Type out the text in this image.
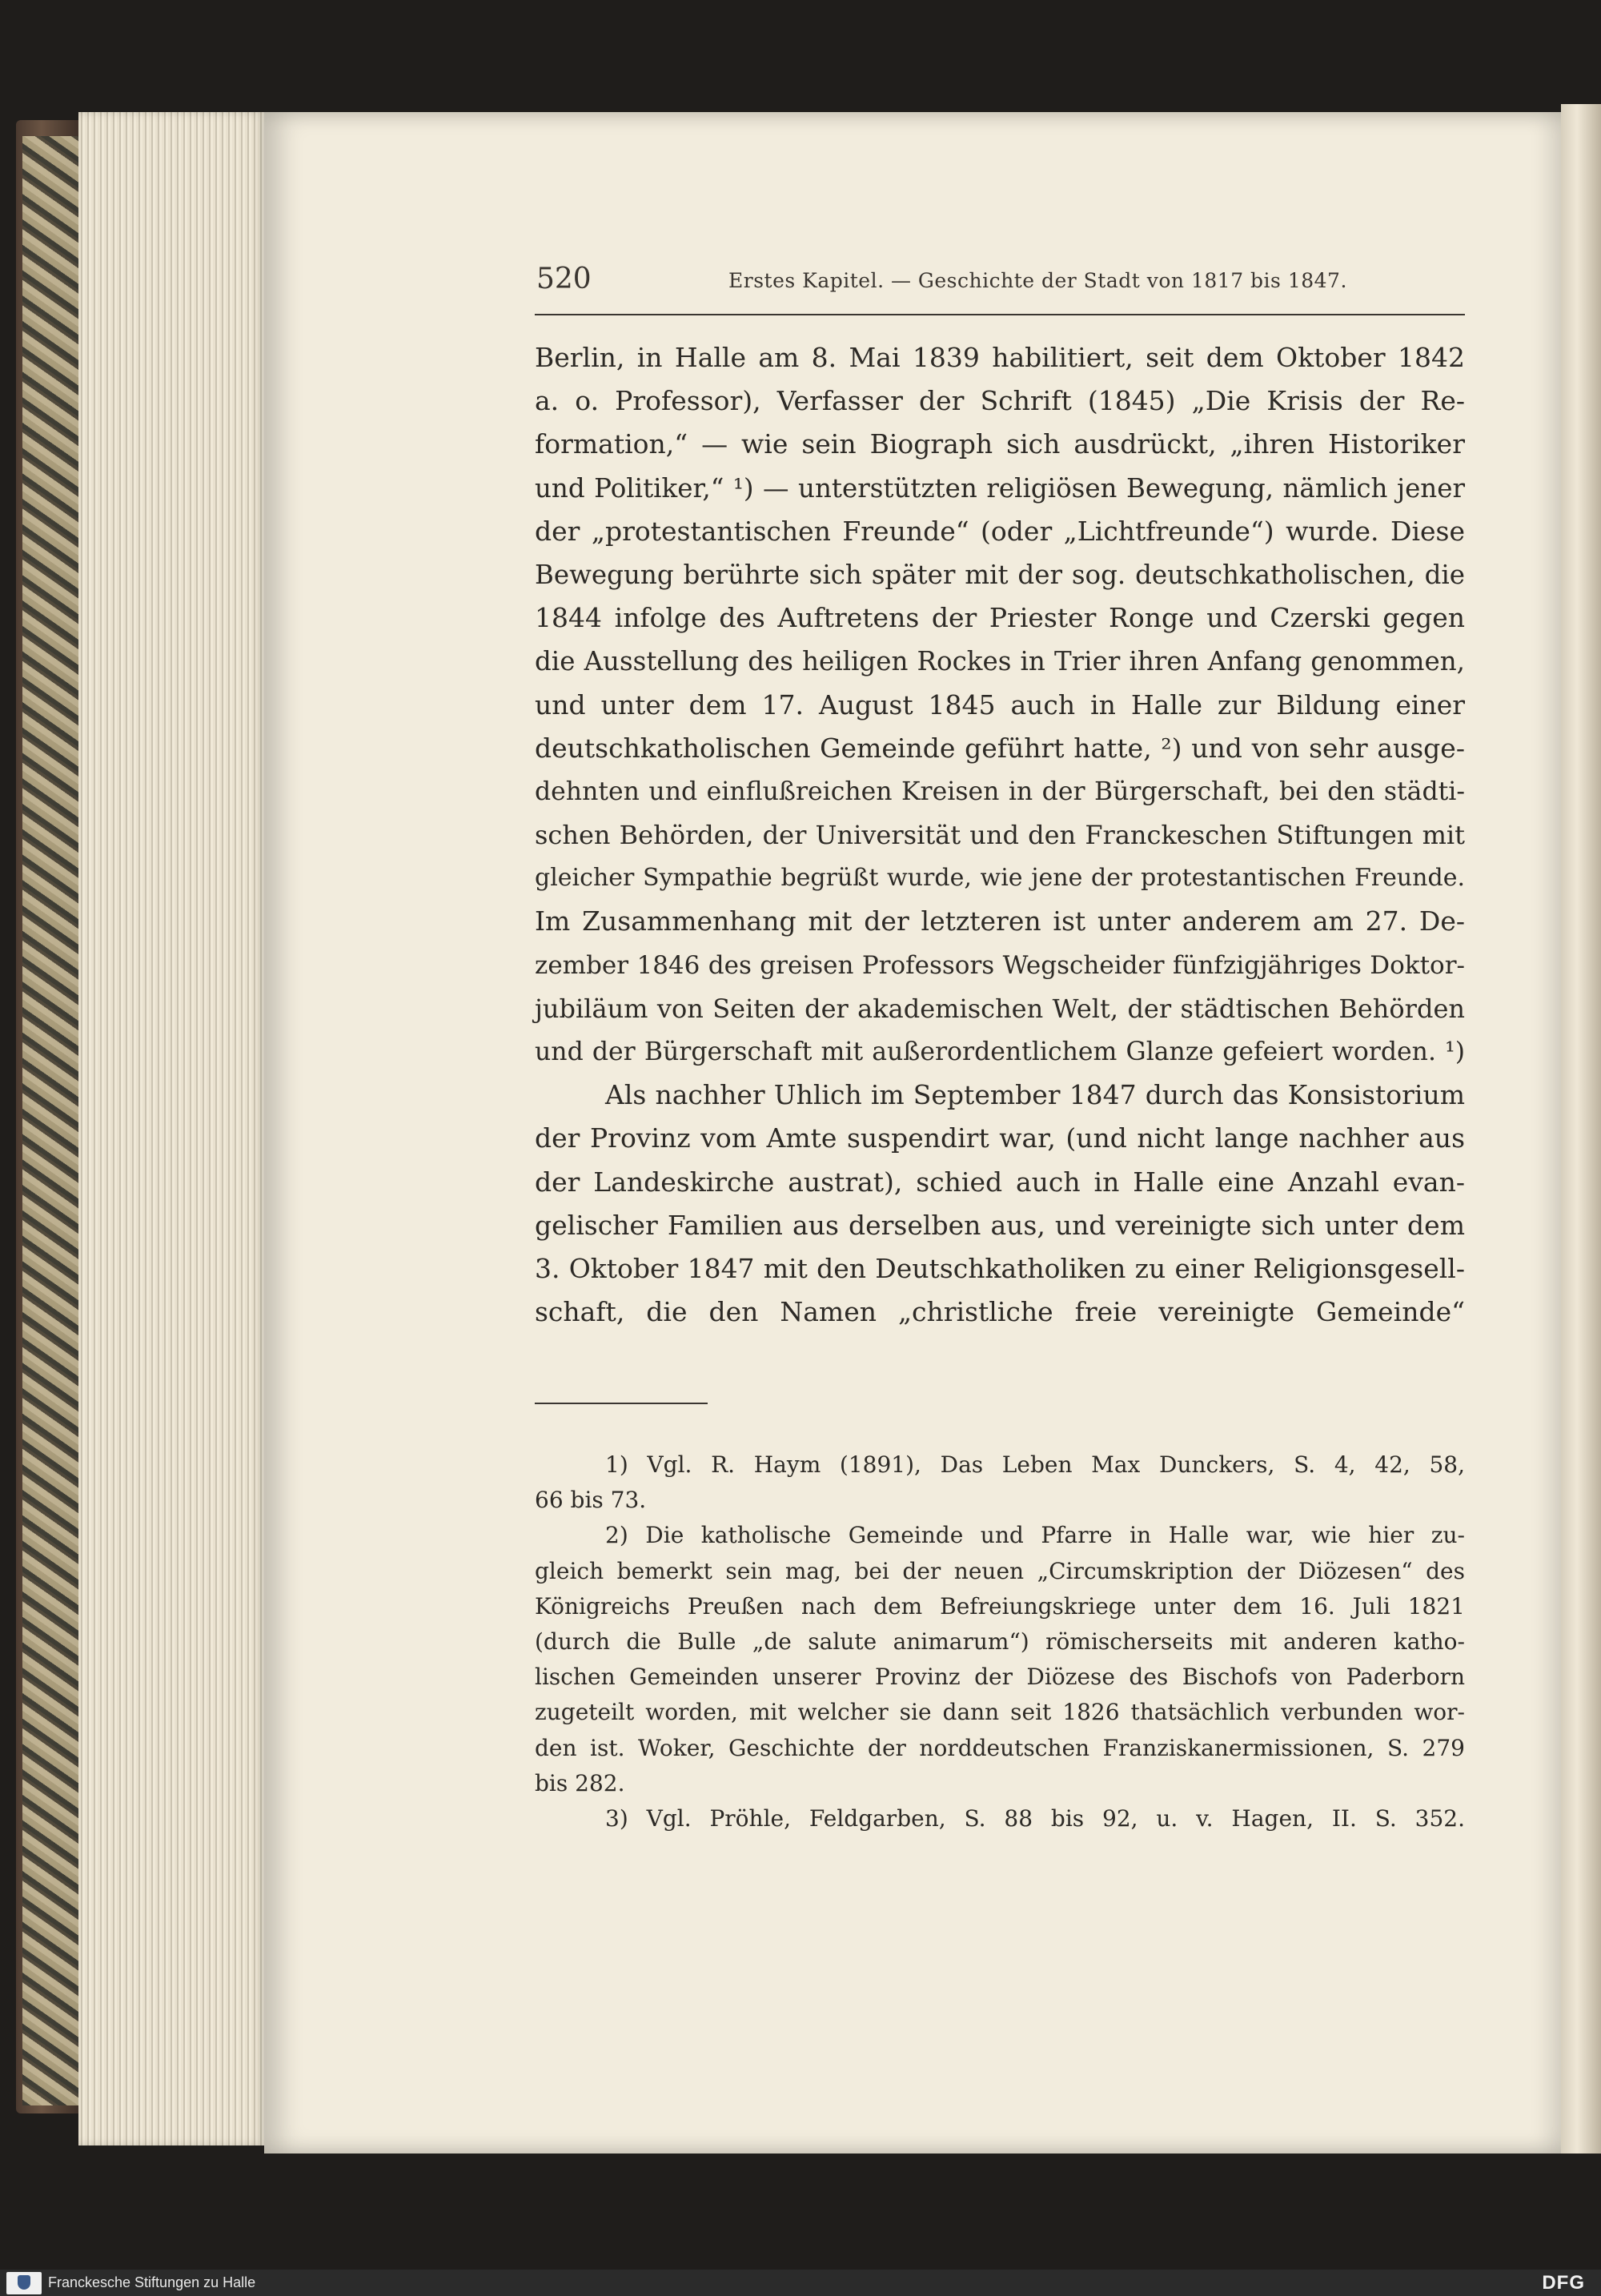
520	Erstes Kapitel. — Geschichte der Stadt von 1817 bis 1847.
Berlin, in Halle am 8. Mai 1839 habilitiert, seit dem Oktober 1842
a. o. Professor), Verfasser der Schrift (1845) „Die Krisis der Re-
formation,“ — wie sein Biograph sich ausdrückt, „ihren Historiker
und Politiker,“ ¹) — unterstützten religiösen Bewegung, nämlich jener
der „protestantischen Freunde“ (oder „Lichtfreunde“) wurde. Diese
Bewegung berührte sich später mit der sog. deutschkatholischen, die
1844 infolge des Auftretens der Priester Ronge und Czerski gegen
die Ausstellung des heiligen Rockes in Trier ihren Anfang genommen,
und unter dem 17. August 1845 auch in Halle zur Bildung einer
deutschkatholischen Gemeinde geführt hatte, ²) und von sehr ausge-
dehnten und einflußreichen Kreisen in der Bürgerschaft, bei den städti-
schen Behörden, der Universität und den Franckeschen Stiftungen mit
gleicher Sympathie begrüßt wurde, wie jene der protestantischen Freunde.
Im Zusammenhang mit der letzteren ist unter anderem am 27. De-
zember 1846 des greisen Professors Wegscheider fünfzigjähriges Doktor-
jubiläum von Seiten der akademischen Welt, der städtischen Behörden
und der Bürgerschaft mit außerordentlichem Glanze gefeiert worden. ¹)
Als nachher Uhlich im September 1847 durch das Konsistorium
der Provinz vom Amte suspendirt war, (und nicht lange nachher aus
der Landeskirche austrat), schied auch in Halle eine Anzahl evan-
gelischer Familien aus derselben aus, und vereinigte sich unter dem
3. Oktober 1847 mit den Deutschkatholiken zu einer Religionsgesell-
schaft, die den Namen „christliche freie vereinigte Gemeinde“
1) Vgl. R. Haym (1891), Das Leben Max Dunckers, S. 4, 42, 58,
66 bis 73.
2) Die katholische Gemeinde und Pfarre in Halle war, wie hier zu-
gleich bemerkt sein mag, bei der neuen „Circumskription der Diözesen“ des
Königreichs Preußen nach dem Befreiungskriege unter dem 16. Juli 1821
(durch die Bulle „de salute animarum“) römischerseits mit anderen katho-
lischen Gemeinden unserer Provinz der Diözese des Bischofs von Paderborn
zugeteilt worden, mit welcher sie dann seit 1826 thatsächlich verbunden wor-
den ist. Woker, Geschichte der norddeutschen Franziskanermissionen, S. 279
bis 282.
3) Vgl. Pröhle, Feldgarben, S. 88 bis 92, u. v. Hagen, II. S. 352.
Franckesche Stiftungen zu Halle	DFG
